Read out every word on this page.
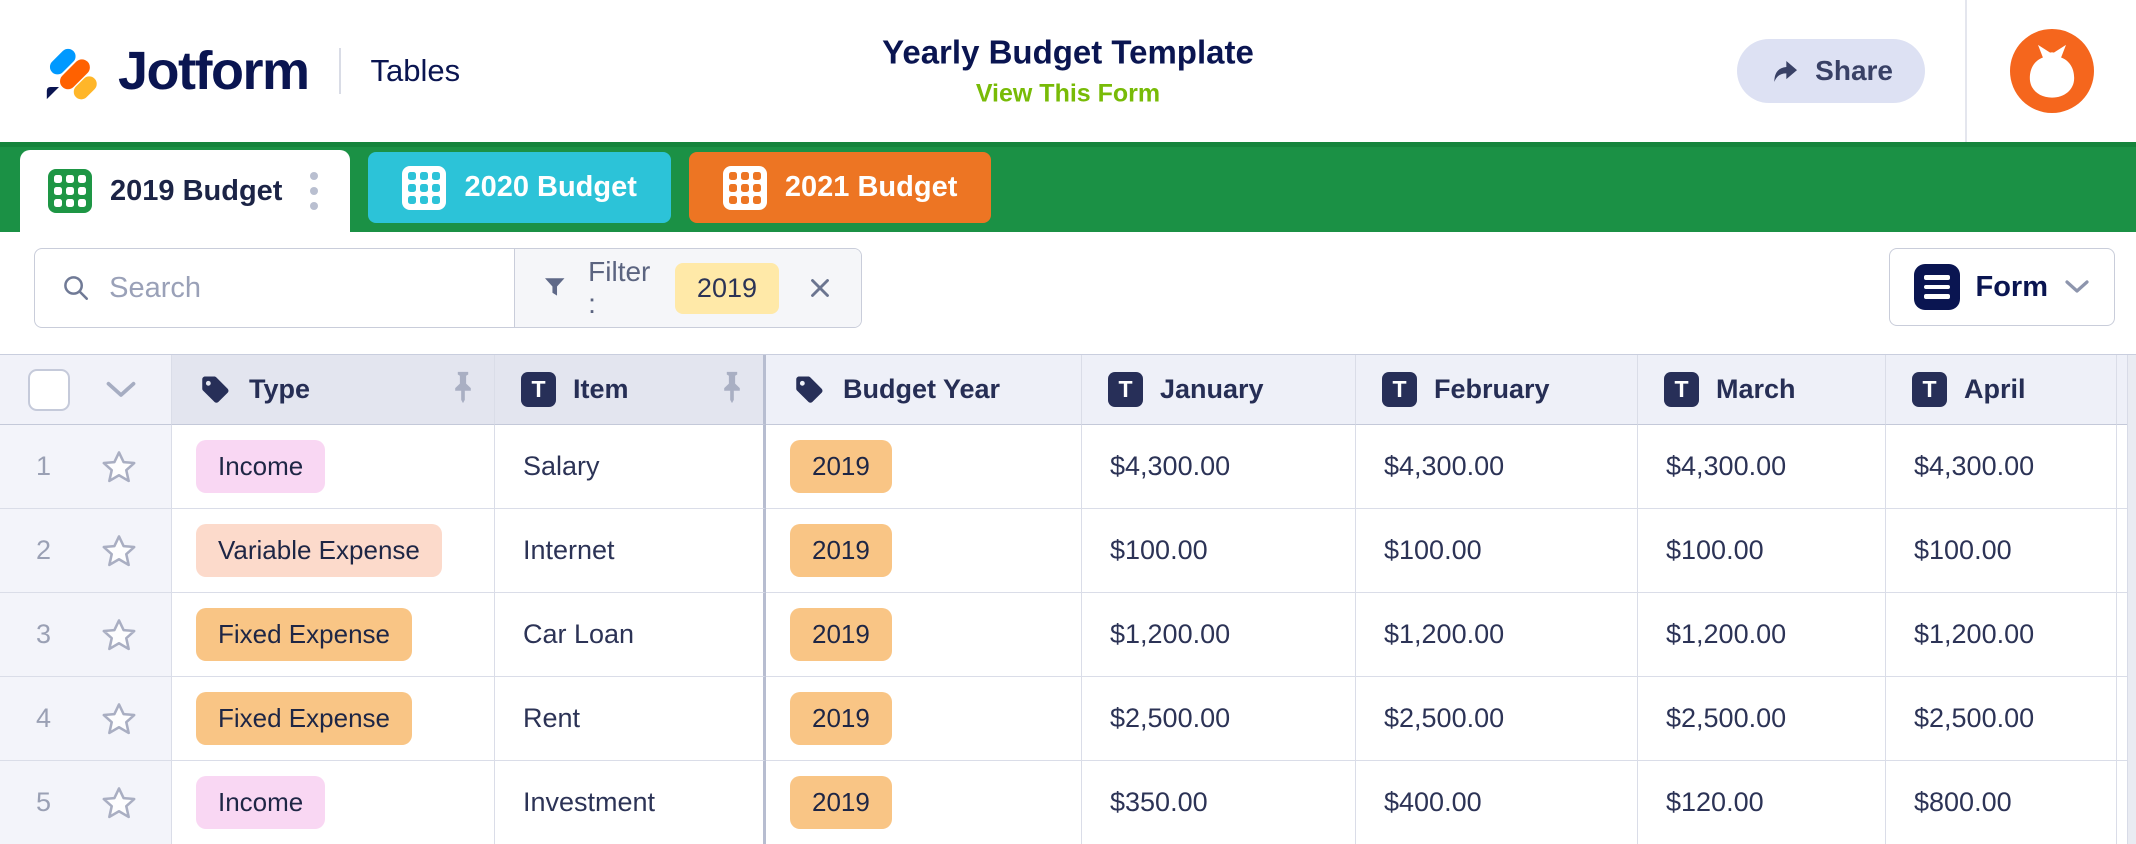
Jotform Tables	Yearly Budget Template
View This Form
Share
2019 Budget	2020 Budget	2021 Budget
Search
Filter :
2019	Form
Type	T	Item	Budget Year	T	January	T	February	T	March	T	April
1	Income	Salary	2019	$4,300.00	$4,300.00	$4,300.00	$4,300.00
2	Variable Expense	Internet	2019	$100.00	$100.00	$100.00	$100.00
3	Fixed Expense	Car Loan	2019	$1,200.00	$1,200.00	$1,200.00	$1,200.00
4	Fixed Expense	Rent	2019	$2,500.00	$2,500.00	$2,500.00	$2,500.00
5	Income	Investment	2019	$350.00	$400.00	$120.00	$800.00
